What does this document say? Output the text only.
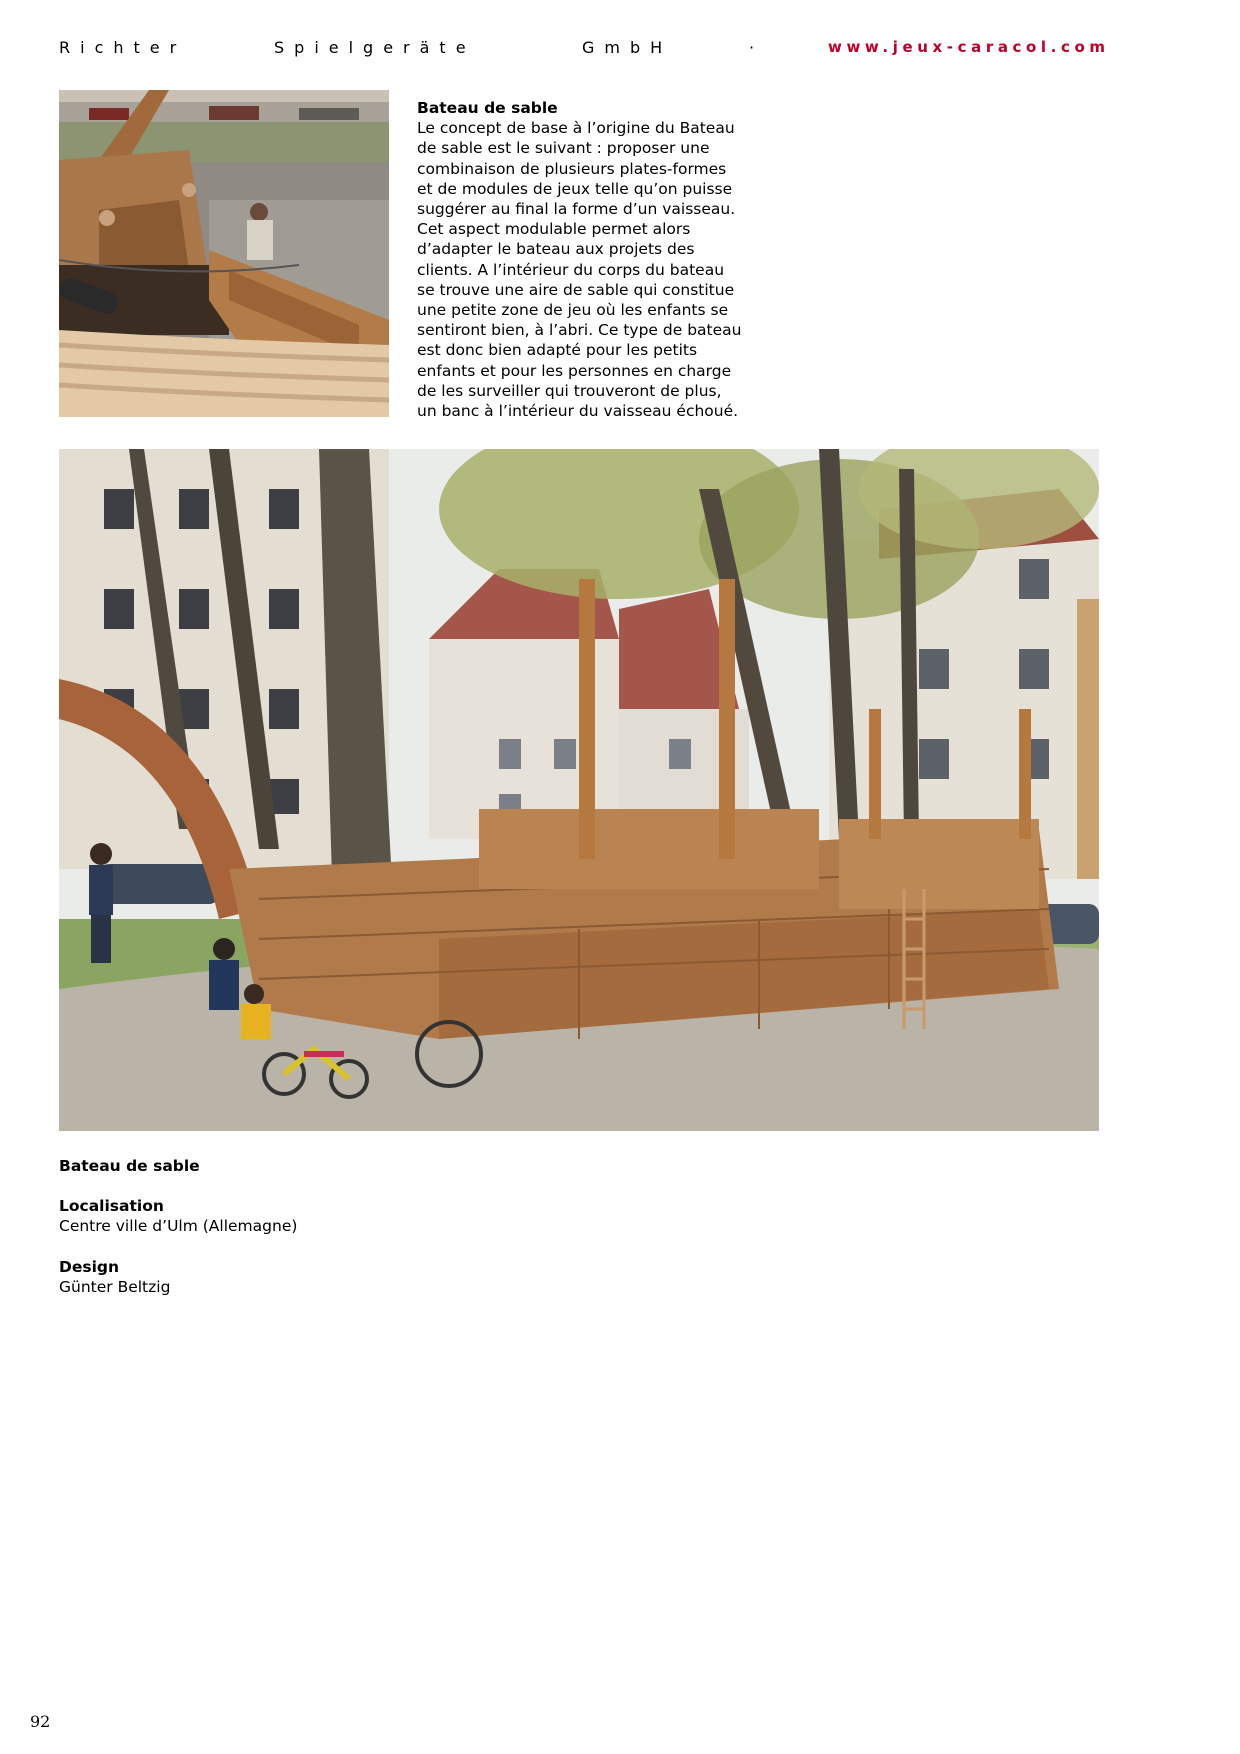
Richter	Spielgeräte	GmbH	·	www.jeux-caracol.com
Bateau de sable
Le concept de base à l’origine du Bateau
de sable est le suivant : proposer une
combinaison de plusieurs plates-formes
et de modules de jeux telle qu’on puisse
suggérer au final la forme d’un vaisseau.
Cet aspect modulable permet alors
d’adapter le bateau aux projets des
clients. A l’intérieur du corps du bateau
se trouve une aire de sable qui constitue
une petite zone de jeu où les enfants se
sentiront bien, à l’abri. Ce type de bateau
est donc bien adapté pour les petits
enfants et pour les personnes en charge
de les surveiller qui trouveront de plus,
un banc à l’intérieur du vaisseau échoué.
Bateau de sable
Localisation
Centre ville d’Ulm (Allemagne)
Design
Günter Beltzig
92
